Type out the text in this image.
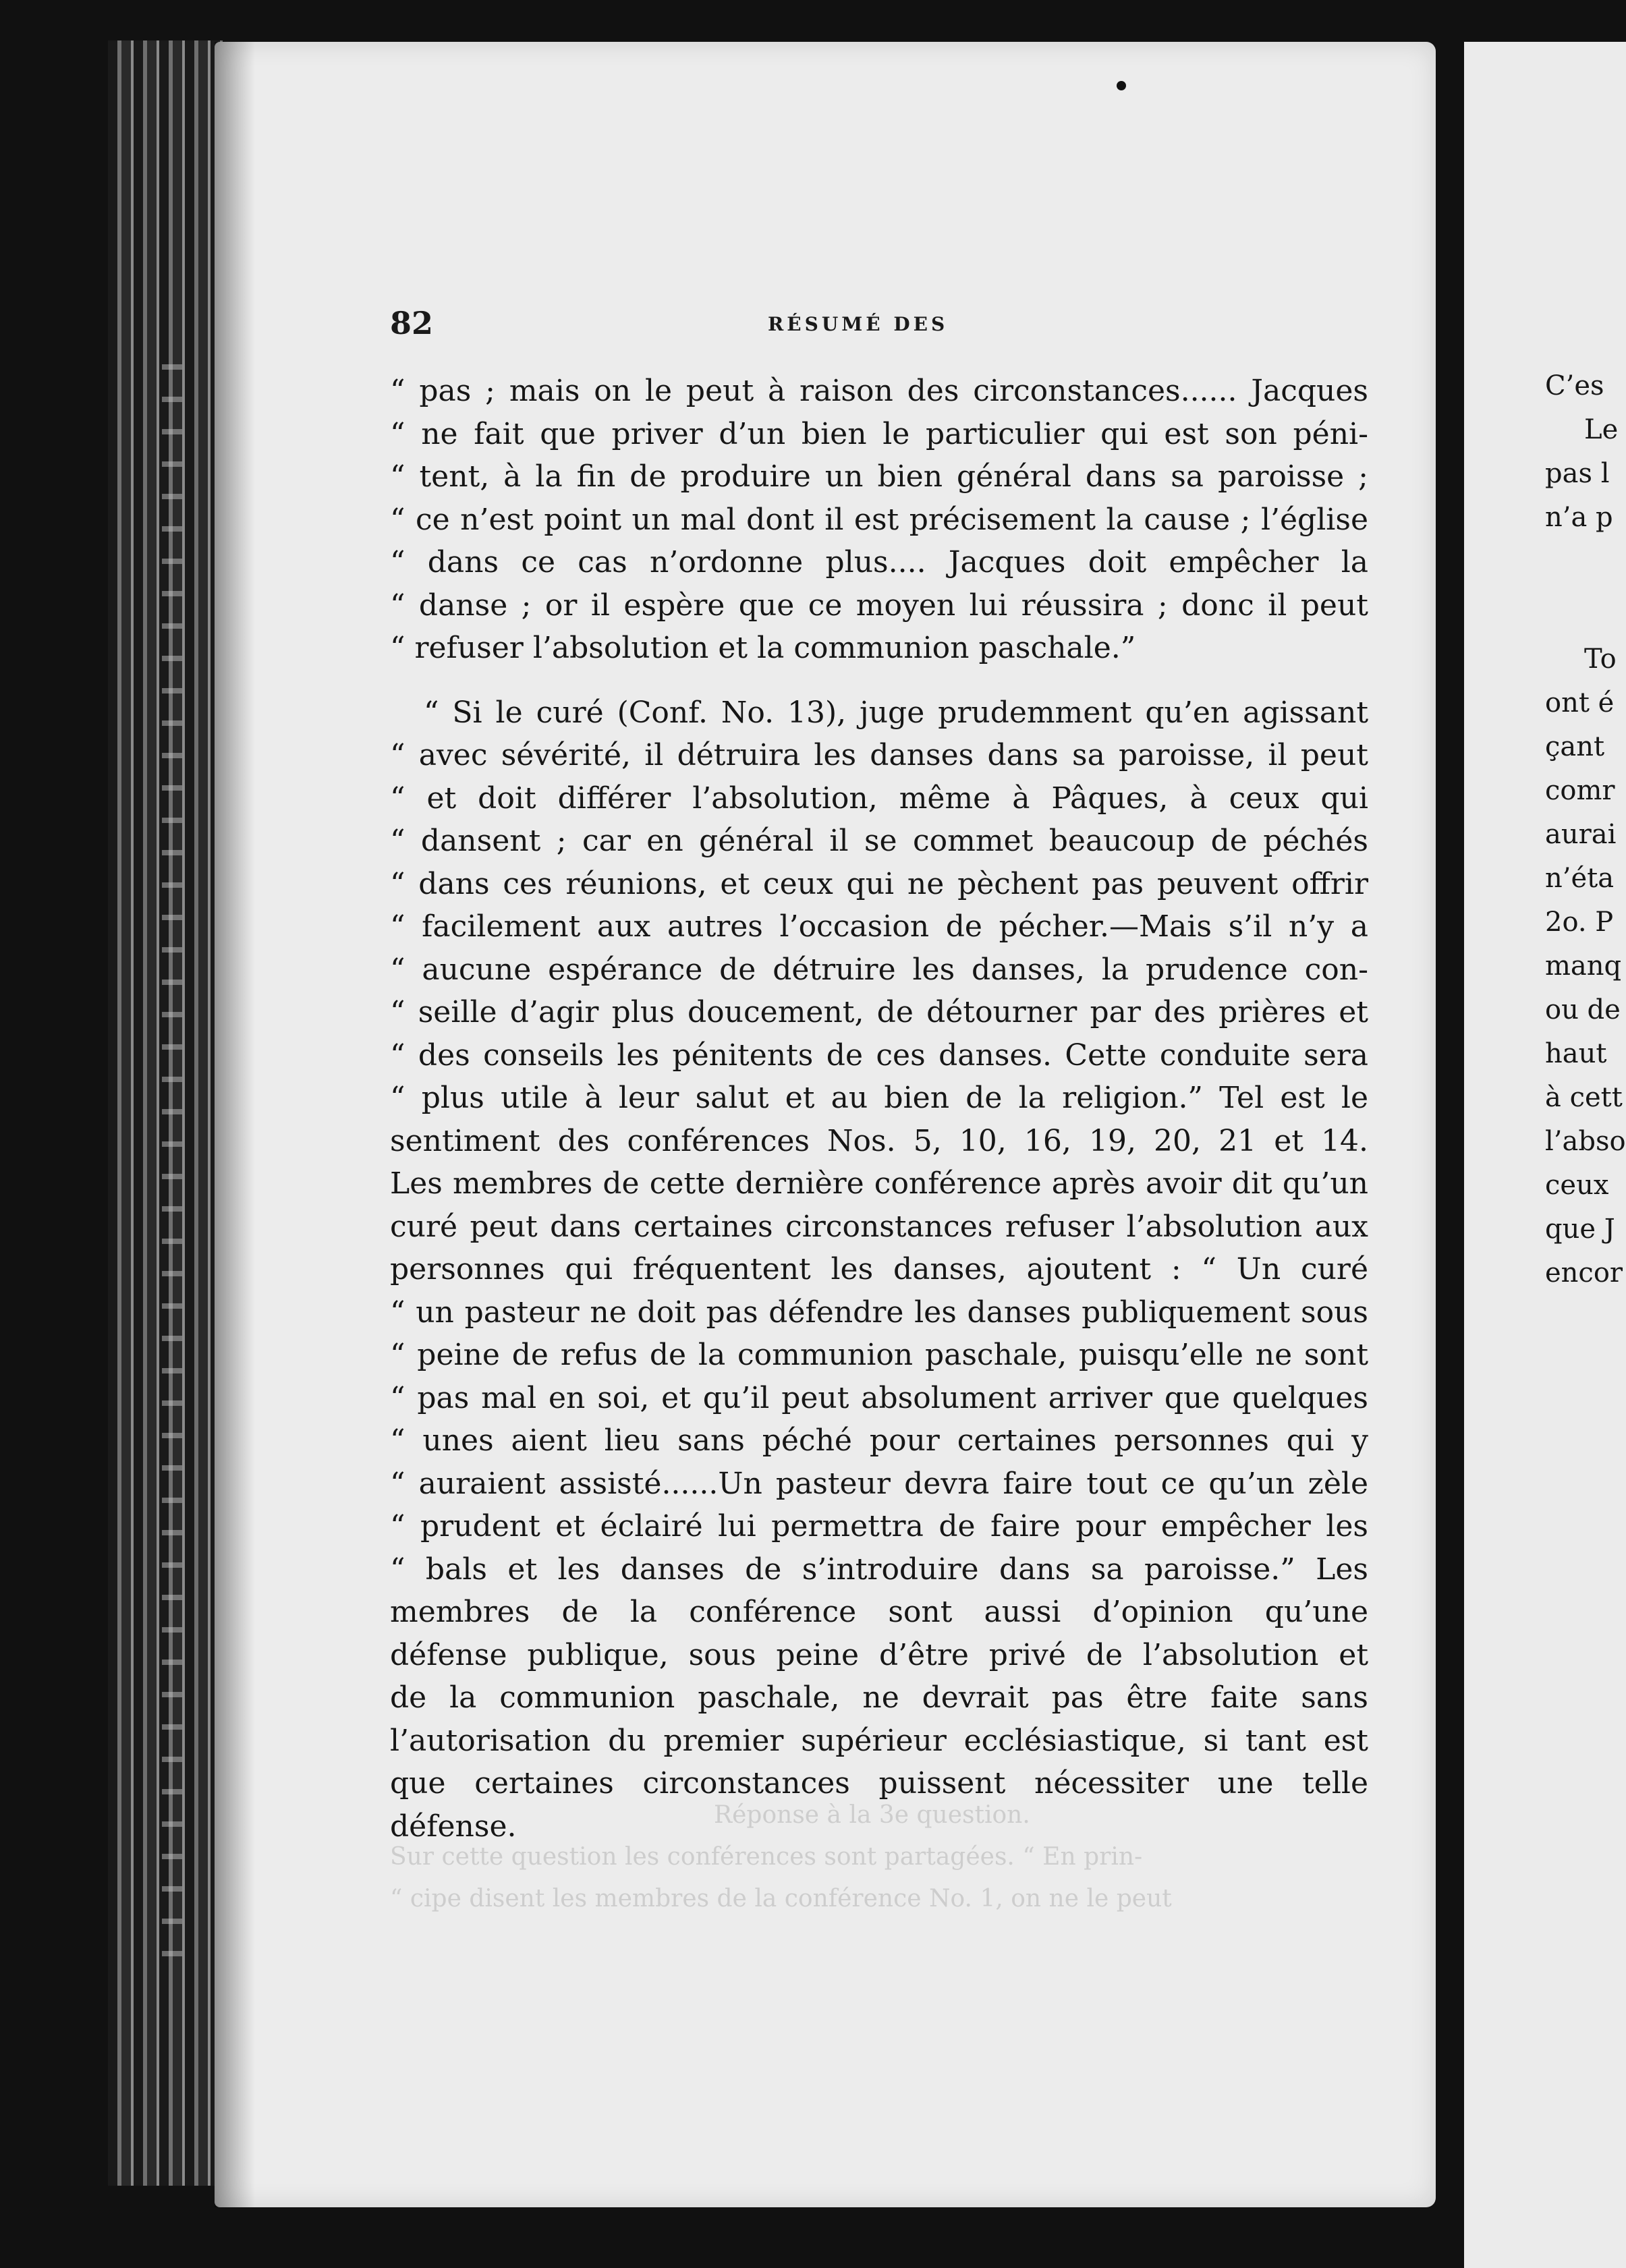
82	RÉSUMÉ DES
“ pas ; mais on le peut à raison des circonstances...... Jacques
“ ne fait que priver d’un bien le particulier qui est son péni-
“ tent, à la fin de produire un bien général dans sa paroisse ;
“ ce n’est point un mal dont il est précisement la cause ; l’église
“ dans ce cas n’ordonne plus.... Jacques doit empêcher la
“ danse ; or il espère que ce moyen lui réussira ; donc il peut
“ refuser l’absolution et la communion paschale.”
“ Si le curé (Conf. No. 13), juge prudemment qu’en agissant
“ avec sévérité, il détruira les danses dans sa paroisse, il peut
“ et doit différer l’absolution, même à Pâques, à ceux qui
“ dansent ; car en général il se commet beaucoup de péchés
“ dans ces réunions, et ceux qui ne pèchent pas peuvent offrir
“ facilement aux autres l’occasion de pécher.—Mais s’il n’y a
“ aucune espérance de détruire les danses, la prudence con-
“ seille d’agir plus doucement, de détourner par des prières et
“ des conseils les pénitents de ces danses. Cette conduite sera
“ plus utile à leur salut et au bien de la religion.” Tel est le
sentiment des conférences Nos. 5, 10, 16, 19, 20, 21 et 14.
Les membres de cette dernière conférence après avoir dit qu’un
curé peut dans certaines circonstances refuser l’absolution aux
personnes qui fréquentent les danses, ajoutent : “ Un curé
“ un pasteur ne doit pas défendre les danses publiquement sous
“ peine de refus de la communion paschale, puisqu’elle ne sont
“ pas mal en soi, et qu’il peut absolument arriver que quelques
“ unes aient lieu sans péché pour certaines personnes qui y
“ auraient assisté......Un pasteur devra faire tout ce qu’un zèle
“ prudent et éclairé lui permettra de faire pour empêcher les
“ bals et les danses de s’introduire dans sa paroisse.” Les
membres de la conférence sont aussi d’opinion qu’une
défense publique, sous peine d’être privé de l’absolution et
de la communion paschale, ne devrait pas être faite sans
l’autorisation du premier supérieur ecclésiastique, si tant est
que certaines circonstances puissent nécessiter une telle
défense.	Réponse à la 3e question.
Sur cette question les conférences sont partagées. “ En prin-
“ cipe disent les membres de la conférence No. 1, on ne le peut
C’es
Le
pas l
n’a p
To
ont é
çant
comr
aurai
n’éta
2o. P
manq
ou de
haut
à cett
l’abso
ceux
que J
encor
